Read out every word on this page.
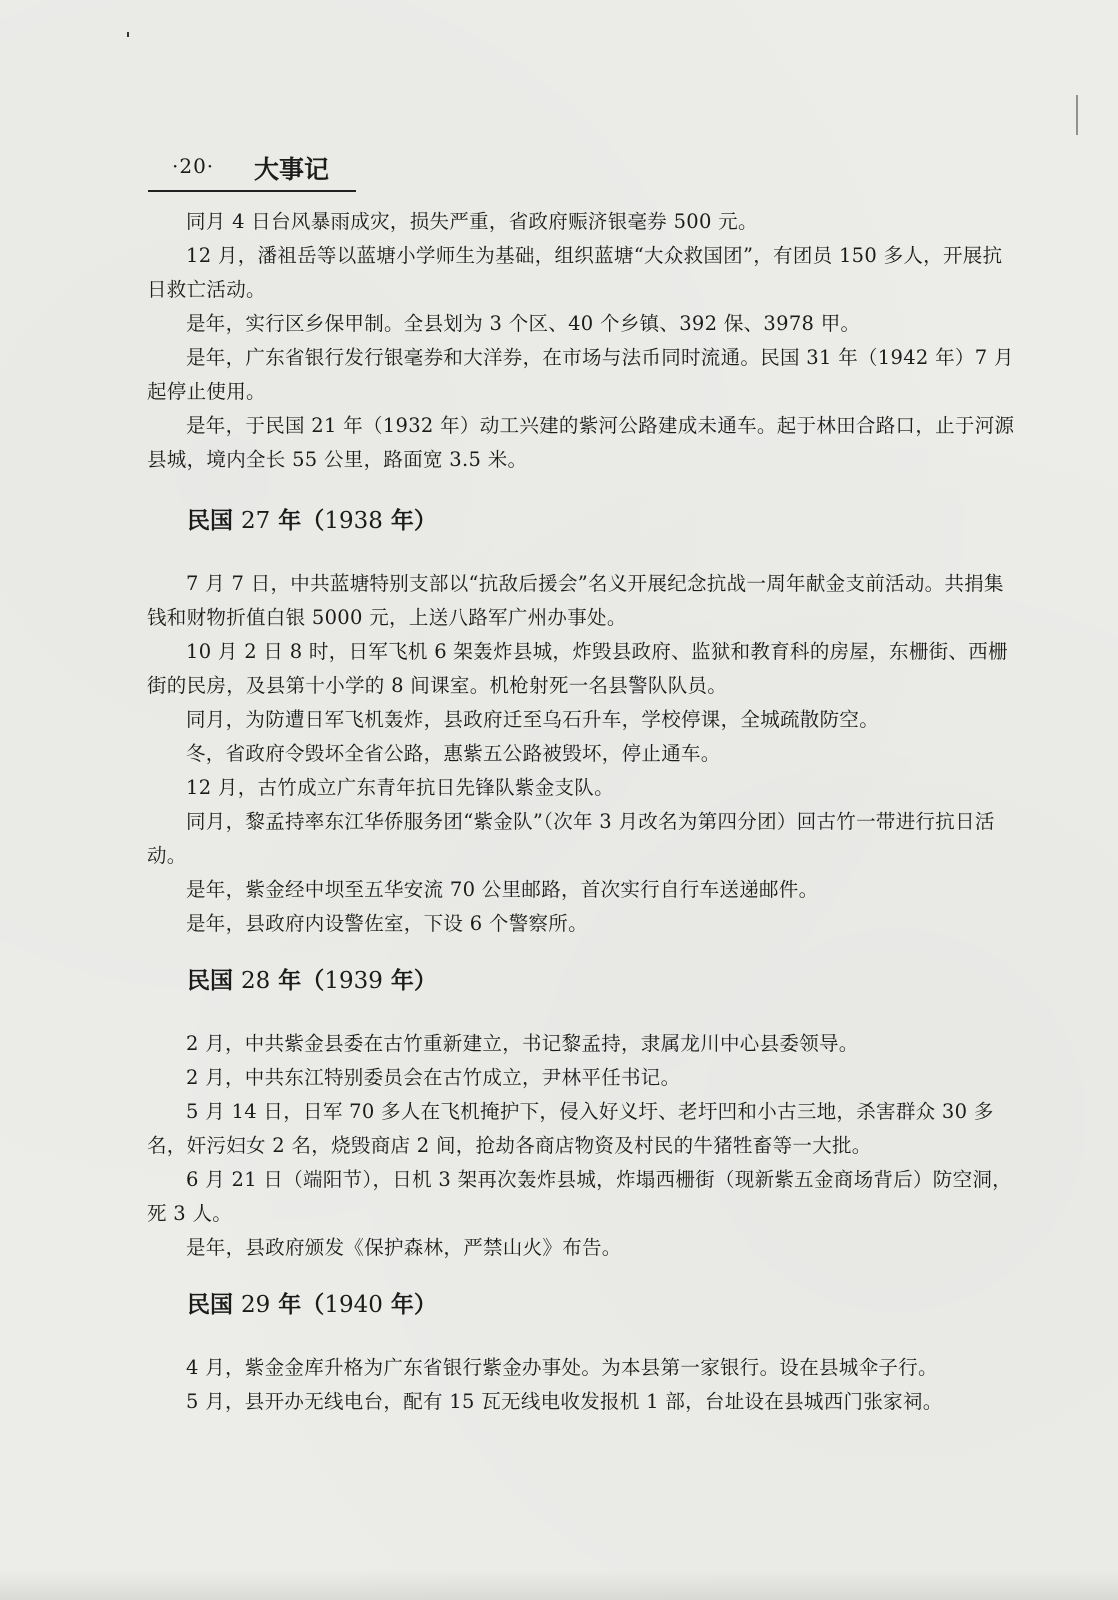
·20· 大事记

同月 4 日台风暴雨成灾，损失严重，省政府赈济银毫券 500 元。

12 月，潘祖岳等以蓝塘小学师生为基础，组织蓝塘“大众救国团”，有团员 150 多人，开展抗日救亡活动。

是年，实行区乡保甲制。全县划为 3 个区、40 个乡镇、392 保、3978 甲。

是年，广东省银行发行银毫券和大洋券，在市场与法币同时流通。民国 31 年（1942 年）7 月起停止使用。

是年，于民国 21 年（1932 年）动工兴建的紫河公路建成未通车。起于林田合路口，止于河源县城，境内全长 55 公里，路面宽 3.5 米。

民国 27 年（1938 年）

7 月 7 日，中共蓝塘特别支部以“抗敌后援会”名义开展纪念抗战一周年献金支前活动。共捐集钱和财物折值白银 5000 元，上送八路军广州办事处。

10 月 2 日 8 时，日军飞机 6 架轰炸县城，炸毁县政府、监狱和教育科的房屋，东栅街、西栅街的民房，及县第十小学的 8 间课室。机枪射死一名县警队队员。

同月，为防遭日军飞机轰炸，县政府迁至乌石升车，学校停课，全城疏散防空。

冬，省政府令毁坏全省公路，惠紫五公路被毁坏，停止通车。

12 月，古竹成立广东青年抗日先锋队紫金支队。

同月，黎孟持率东江华侨服务团“紫金队”（次年 3 月改名为第四分团）回古竹一带进行抗日活动。

是年，紫金经中坝至五华安流 70 公里邮路，首次实行自行车送递邮件。

是年，县政府内设警佐室，下设 6 个警察所。

民国 28 年（1939 年）

2 月，中共紫金县委在古竹重新建立，书记黎孟持，隶属龙川中心县委领导。

2 月，中共东江特别委员会在古竹成立，尹林平任书记。

5 月 14 日，日军 70 多人在飞机掩护下，侵入好义圩、老圩凹和小古三地，杀害群众 30 多名，奸污妇女 2 名，烧毁商店 2 间，抢劫各商店物资及村民的牛猪牲畜等一大批。

6 月 21 日（端阳节），日机 3 架再次轰炸县城，炸塌西栅街（现新紫五金商场背后）防空洞，死 3 人。

是年，县政府颁发《保护森林，严禁山火》布告。

民国 29 年（1940 年）

4 月，紫金金库升格为广东省银行紫金办事处。为本县第一家银行。设在县城伞子行。

5 月，县开办无线电台，配有 15 瓦无线电收发报机 1 部，台址设在县城西门张家祠。
